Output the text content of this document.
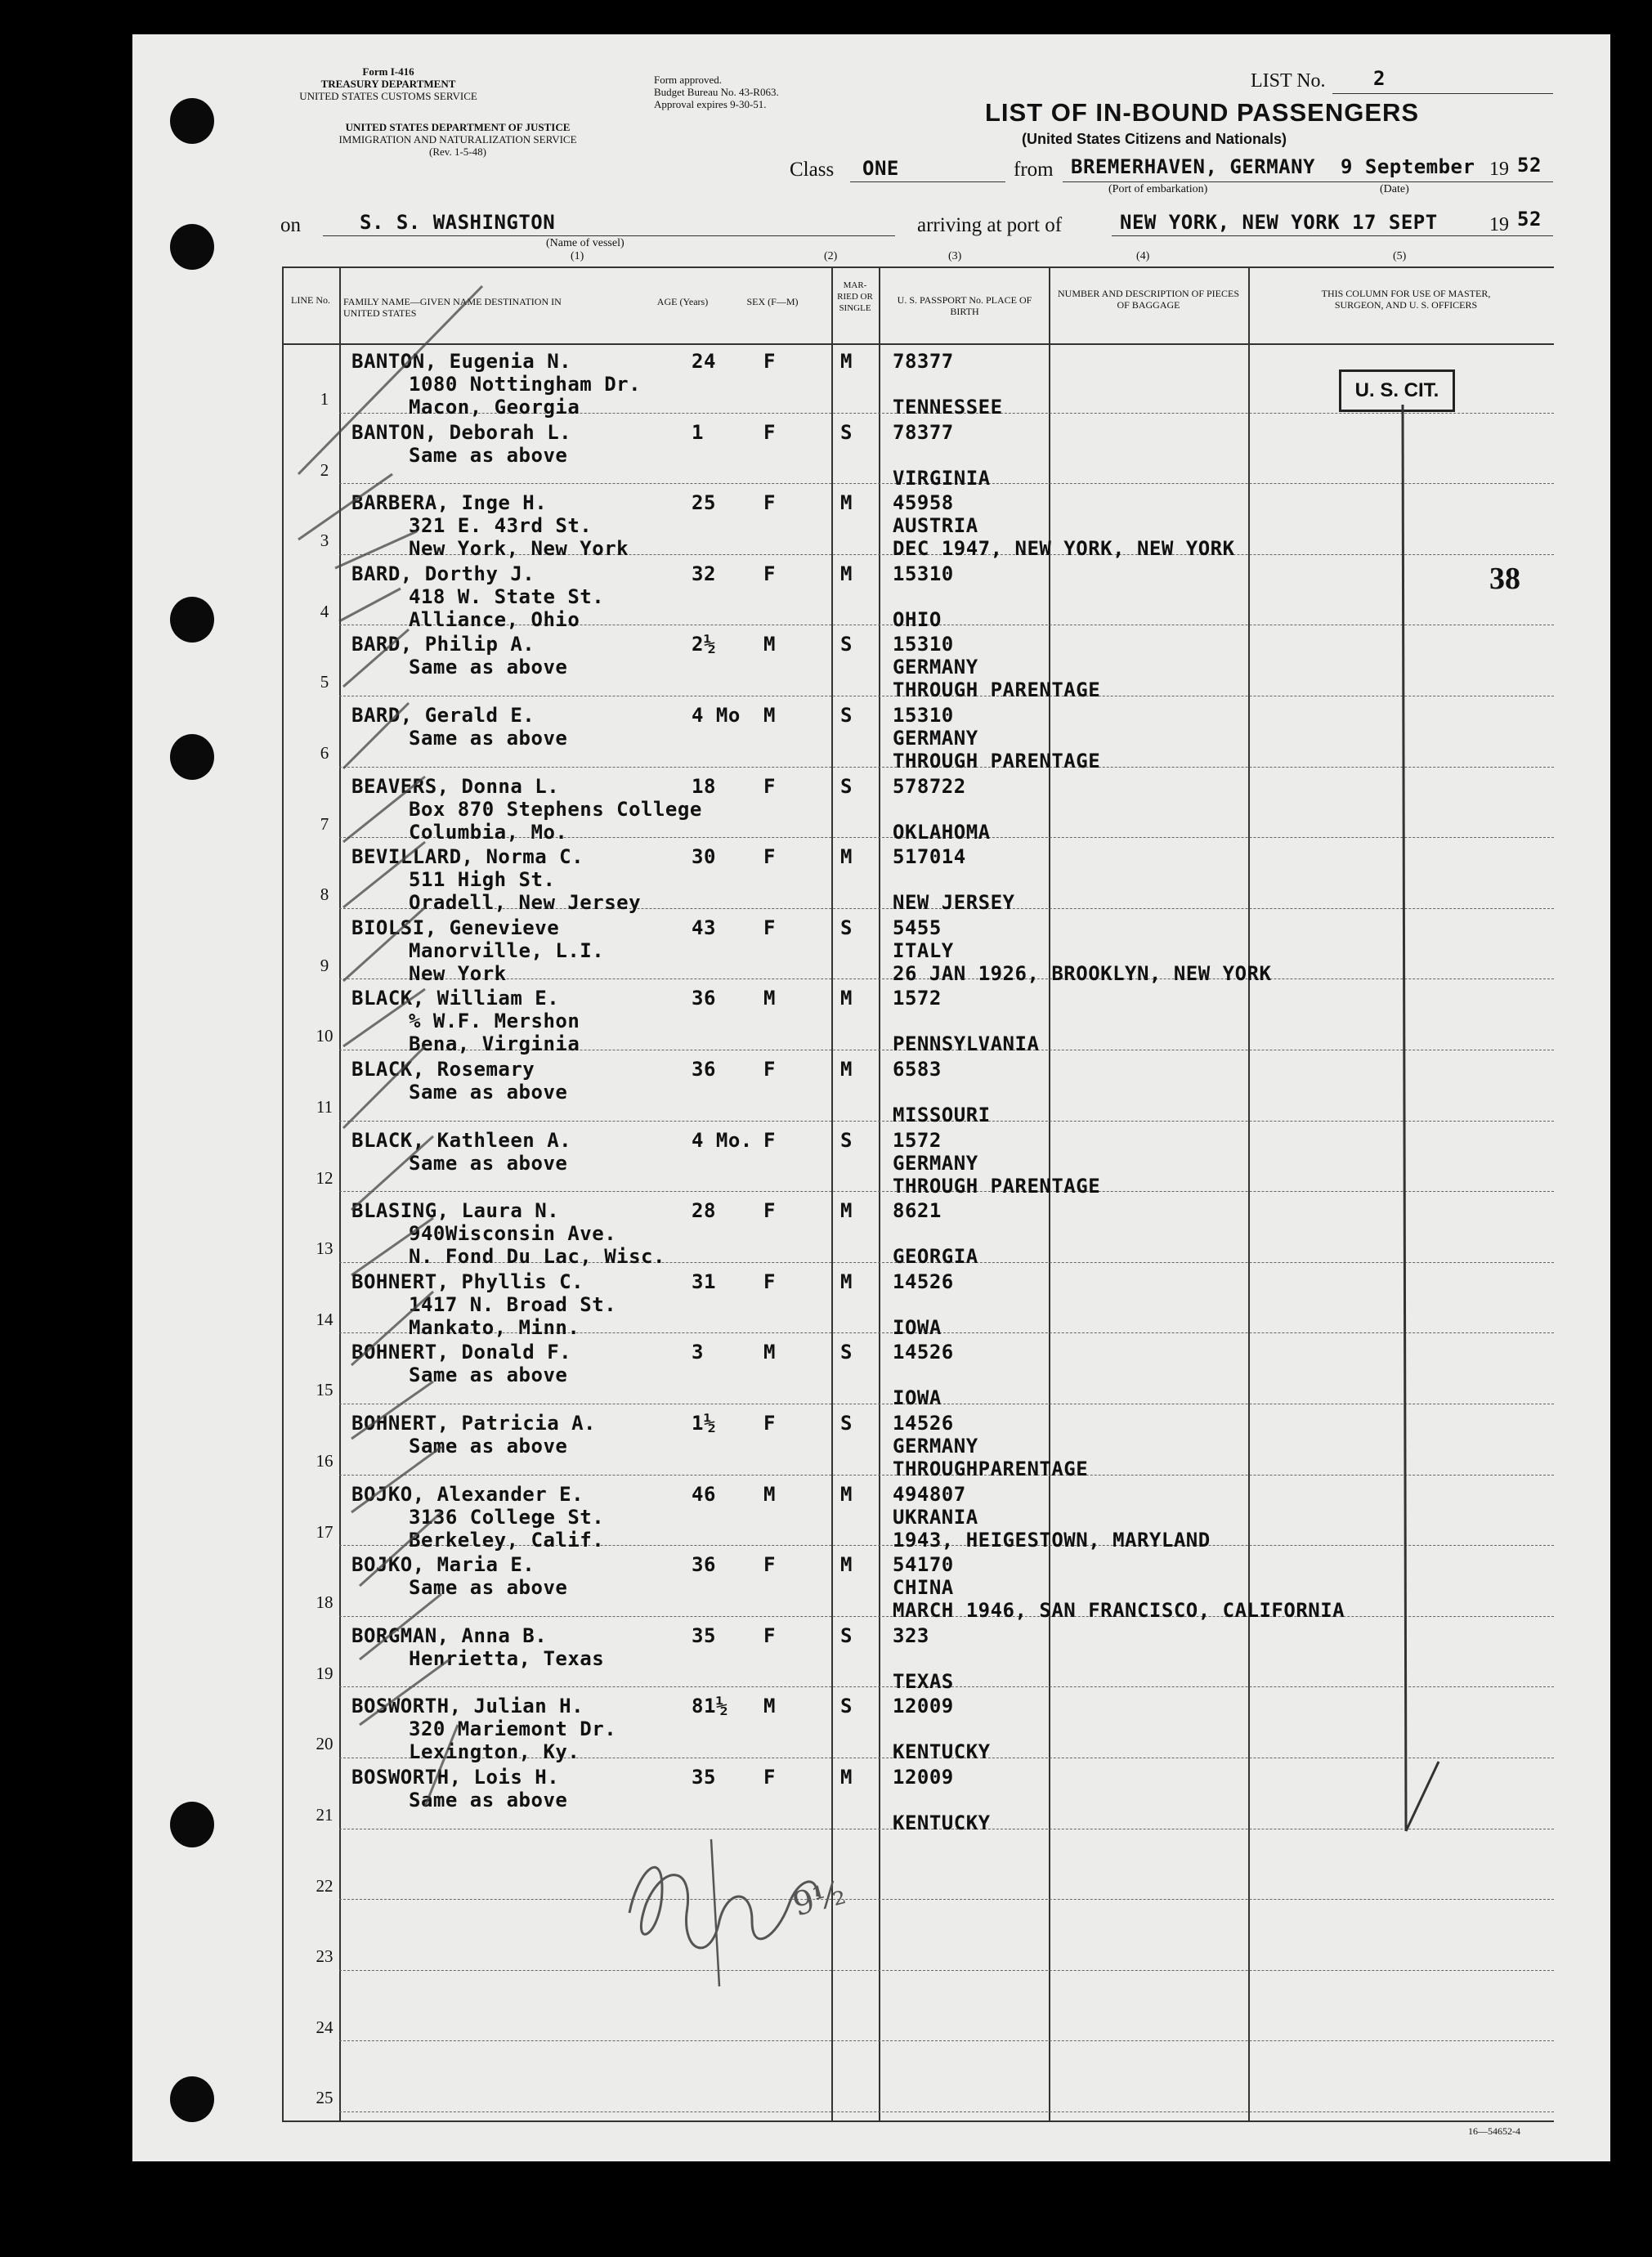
Form I-416
TREASURY DEPARTMENT
UNITED STATES CUSTOMS SERVICE
UNITED STATES DEPARTMENT OF JUSTICE
IMMIGRATION AND NATURALIZATION SERVICE
(Rev. 1-5-48)
Form approved.
Budget Bureau No. 43-R063.
Approval expires 9-30-51.
LIST No. 2
LIST OF IN-BOUND PASSENGERS
(United States Citizens and Nationals)
Class ONE	from BREMERHAVEN, GERMANY 9 September 19 52
(Port of embarkation)	(Date)
on	S. S. WASHINGTON
(Name of vessel)
(1)
arriving at port of	NEW YORK, NEW YORK 17 SEPT	19 52
(2)	(3)	(4)	(5)
LINE No.	FAMILY NAME—GIVEN NAME DESTINATION IN UNITED STATES
AGE (Years)	SEX (F—M)
MAR-RIED OR SINGLE
U. S. PASSPORT No. PLACE OF BIRTH
NUMBER AND DESCRIPTION OF PIECES OF BAGGAGE
THIS COLUMN FOR USE OF MASTER, SURGEON, AND U. S. OFFICERS
1
BANTON, Eugenia N.
1080 Nottingham Dr.
Macon, Georgia
24 F	M 78377
TENNESSEE
2
BANTON, Deborah L.
Same as above
1	F	S 78377
VIRGINIA
3
BARBERA, Inge H.
321 E. 43rd St.
New York, New York
25 F	M 45958
AUSTRIA
DEC 1947, NEW YORK, NEW YORK
4
BARD, Dorthy J.
418 W. State St.
Alliance, Ohio
32 F	M 15310
OHIO
5
BARD, Philip A.
Same as above
2½ M	S 15310
GERMANY
THROUGH PARENTAGE
6
BARD, Gerald E.
Same as above
4 Mo M	S 15310
GERMANY
THROUGH PARENTAGE
7
BEAVERS, Donna L.
Box 870 Stephens College
Columbia, Mo.
18 F	S 578722
OKLAHOMA
8
BEVILLARD, Norma C.
511 High St.
Oradell, New Jersey
30 F	M 517014
NEW JERSEY
9
BIOLSI, Genevieve
Manorville, L.I.
New York
43 F	S 5455
ITALY
26 JAN 1926, BROOKLYN, NEW YORK
10
BLACK, William E.
% W.F. Mershon
Bena, Virginia
36 M	M 1572
PENNSYLVANIA
11
BLACK, Rosemary
Same as above
36 F	M 6583
MISSOURI
12
BLACK, Kathleen A.
Same as above
4 Mo. F	S 1572
GERMANY
THROUGH PARENTAGE
13
BLASING, Laura N.
940Wisconsin Ave.
N. Fond Du Lac, Wisc.
28 F	M 8621
GEORGIA
14
BOHNERT, Phyllis C.
1417 N. Broad St.
Mankato, Minn.
31 F	M 14526
IOWA
15
BOHNERT, Donald F.
Same as above
3	M	S 14526
IOWA
16
BOHNERT, Patricia A.
Same as above
1½ F	S 14526
GERMANY
THROUGHPARENTAGE
17
BOJKO, Alexander E.
3136 College St.
Berkeley, Calif.
46 M	M 494807
UKRANIA
1943, HEIGESTOWN, MARYLAND
18
BOJKO, Maria E.
Same as above
36 F	M 54170
CHINA
MARCH 1946, SAN FRANCISCO, CALIFORNIA
19
BORGMAN, Anna B.
Henrietta, Texas
35 F	S 323
TEXAS
20
BOSWORTH, Julian H.
320 Mariemont Dr.
Lexington, Ky.
81½ M	S 12009
KENTUCKY
21
BOSWORTH, Lois H.
Same as above
35 F	M 12009
KENTUCKY
22
23
24
25
U. S. CIT.
38
9½
16—54652-4
